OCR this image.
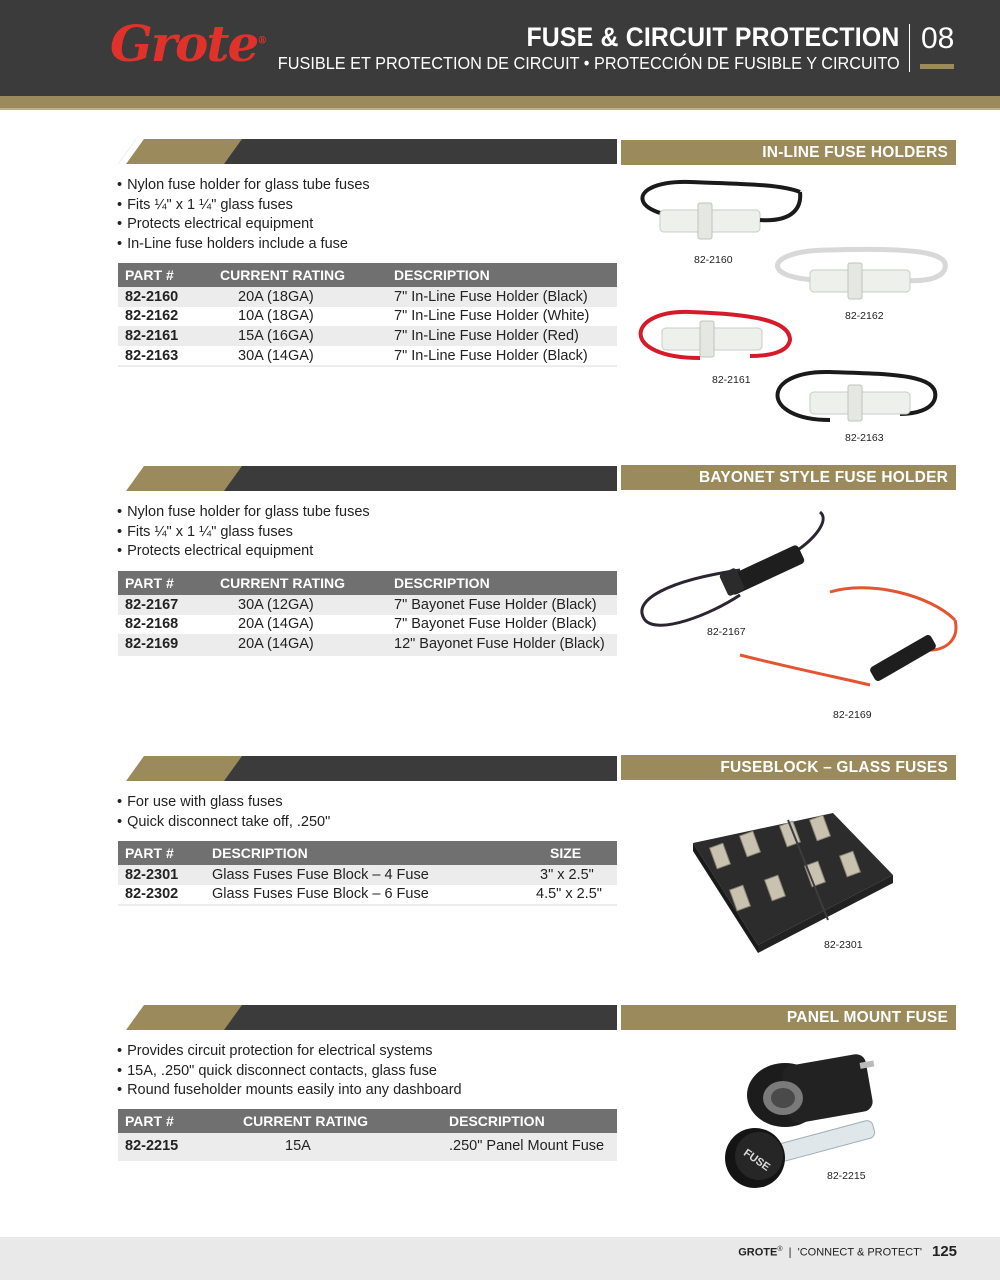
Grote®	FUSE & CIRCUIT PROTECTION
FUSIBLE ET PROTECTION DE CIRCUIT • PROTECCIÓN DE FUSIBLE Y CIRCUITO
08
IN-LINE FUSE HOLDERS
• Nylon fuse holder for glass tube fuses
• Fits ¼" x 1 ¼" glass fuses
• Protects electrical equipment
• In-Line fuse holders include a fuse
PART #	CURRENT RATING	DESCRIPTION
82-2160	20A (18GA)	7" In-Line Fuse Holder (Black)
82-2162	10A (18GA)	7" In-Line Fuse Holder (White)
82-2161	15A (16GA)	7" In-Line Fuse Holder (Red)
82-2163	30A (14GA)	7" In-Line Fuse Holder (Black)
82-2160
82-2162
82-2161
82-2163
BAYONET STYLE FUSE HOLDER
• Nylon fuse holder for glass tube fuses
• Fits ¼" x 1 ¼" glass fuses
• Protects electrical equipment
PART #	CURRENT RATING	DESCRIPTION
82-2167	30A (12GA)	7" Bayonet Fuse Holder (Black)
82-2168	20A (14GA)	7" Bayonet Fuse Holder (Black)
82-2169	20A (14GA)	12" Bayonet Fuse Holder (Black)
82-2167
82-2169
FUSEBLOCK – GLASS FUSES
• For use with glass fuses
• Quick disconnect take off, .250"
PART #	DESCRIPTION	SIZE
82-2301	Glass Fuses Fuse Block – 4 Fuse	3" x 2.5"
82-2302	Glass Fuses Fuse Block – 6 Fuse	4.5" x 2.5"
82-2301
PANEL MOUNT FUSE
• Provides circuit protection for electrical systems
• 15A, .250" quick disconnect contacts, glass fuse
• Round fuseholder mounts easily into any dashboard
PART #	CURRENT RATING	DESCRIPTION
82-2215	15A	.250" Panel Mount Fuse
FUSE
82-2215
GROTE®  |  'CONNECT & PROTECT' 125
